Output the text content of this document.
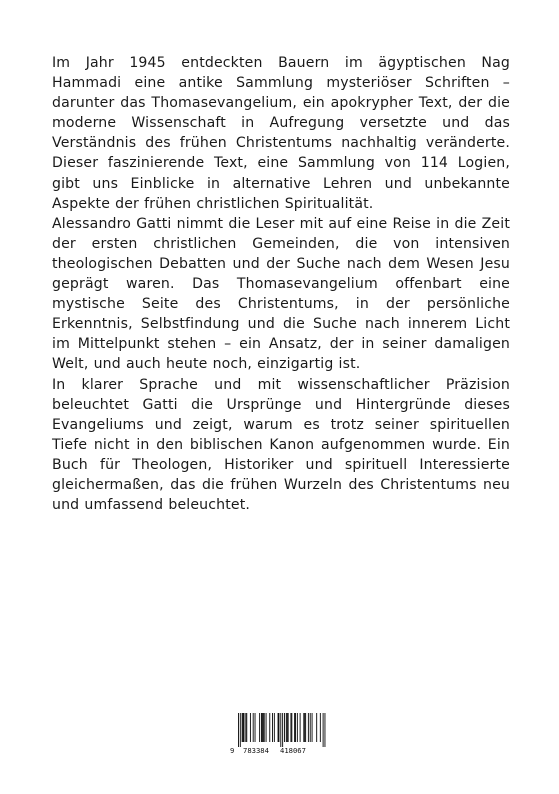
Im Jahr 1945 entdeckten Bauern im ägyptischen Nag Hammadi eine antike Sammlung mysteriöser Schriften – darunter das Thomasevangelium, ein apokrypher Text, der die moderne Wissenschaft in Aufregung versetzte und das Verständnis des frühen Christentums nachhaltig veränderte. Dieser faszinierende Text, eine Sammlung von 114 Logien, gibt uns Einblicke in alternative Lehren und unbekannte Aspekte der frühen christlichen Spiritualität.

Alessandro Gatti nimmt die Leser mit auf eine Reise in die Zeit der ersten christlichen Gemeinden, die von intensiven theologischen Debatten und der Suche nach dem Wesen Jesu geprägt waren. Das Thomasevangelium offenbart eine mystische Seite des Christentums, in der persönliche Erkenntnis, Selbstfindung und die Suche nach innerem Licht im Mittelpunkt stehen – ein Ansatz, der in seiner damaligen Welt, und auch heute noch, einzigartig ist.

In klarer Sprache und mit wissenschaftlicher Präzision beleuchtet Gatti die Ursprünge und Hintergründe dieses Evangeliums und zeigt, warum es trotz seiner spirituellen Tiefe nicht in den biblischen Kanon aufgenommen wurde. Ein Buch für Theologen, Historiker und spirituell Interessierte gleichermaßen, das die frühen Wurzeln des Christentums neu und umfassend beleuchtet.

9 783384 418067
